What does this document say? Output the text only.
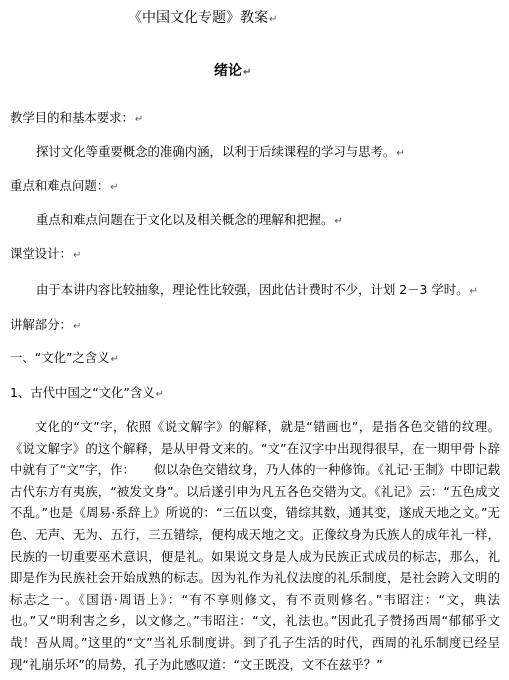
《中国文化专题》教案↵
绪论↵
教学目的和基本要求：↵
探讨文化等重要概念的准确内涵，以利于后续课程的学习与思考。↵
重点和难点问题：↵
重点和难点问题在于文化以及相关概念的理解和把握。↵
课堂设计：↵
由于本讲内容比较抽象，理论性比较强，因此估计费时不少，计划 2－3 学时。↵
讲解部分：↵
一、“文化”之含义↵
1、古代中国之“文化”含义↵

文化的“文”字，依照《说文解字》的解释，就是“错画也”，是指各色交错的纹理。《说文解字》的这个解释，是从甲骨文来的。“文”在汉字中出现得很早，在一期甲骨卜辞中就有了“文”字，作：　　似以杂色交错纹身，乃人体的一种修饰。《礼记·王制》中即记载古代东方有夷族，“被发文身”。以后遂引申为凡五各色交错为文。《礼记》云：“五色成文不乱。”也是《周易·系辞上》所说的：“三伍以变，错综其数，通其变，遂成天地之文。”无色、无声、无为、五行，三五错综，便构成天地之文。正像纹身为氏族人的成年礼一样，民族的一切重要巫术意识，便是礼。如果说文身是人成为民族正式成员的标志，那么，礼即是作为民族社会开始成熟的标志。因为礼作为礼仪法度的礼乐制度，是社会跨入文明的标志之一。《国语·周语上》：“有不享则修文，有不贡则修名。”韦昭注：“文，典法也。”又“明利害之乡，以文修之。”韦昭注：“文，礼法也。”因此孔子赞扬西周“郁郁乎文哉！吾从周。”这里的“文”当礼乐制度讲。到了孔子生活的时代，西周的礼乐制度已经呈现“礼崩乐坏”的局势，孔子为此感叹道：“文王既没，文不在兹乎？”
